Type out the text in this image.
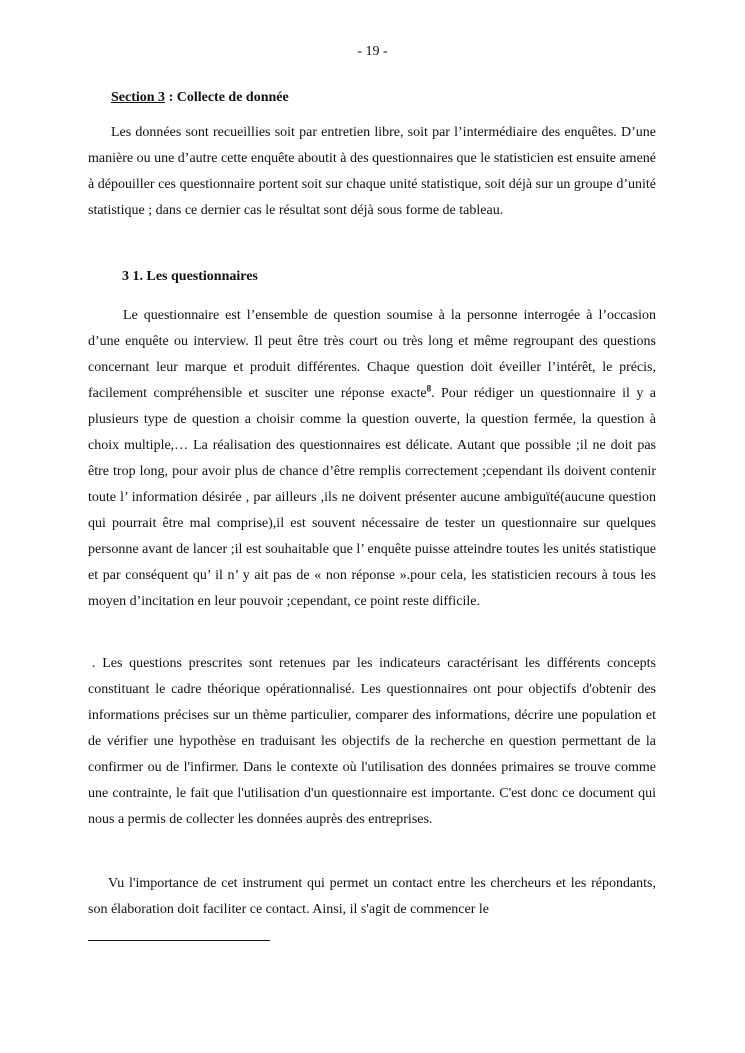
- 19 -
Section 3 : Collecte de donnée

Les données sont recueillies soit par entretien libre, soit par l’intermédiaire des enquêtes. D’une manière ou une d’autre cette enquête aboutit à des questionnaires que le statisticien est ensuite amené à dépouiller ces questionnaire portent soit sur chaque unité statistique, soit déjà sur un groupe d’unité statistique ; dans ce dernier cas le résultat sont déjà sous forme de tableau.

3 1. Les questionnaires

Le questionnaire est l’ensemble de question soumise à la personne interrogée à l’occasion d’une enquête ou interview. Il peut être très court ou très long et même regroupant des questions concernant leur marque et produit différentes. Chaque question doit éveiller l’intérêt, le précis, facilement compréhensible et susciter une réponse exacte$^8$. Pour rédiger un questionnaire il y a plusieurs type de question a choisir comme la question ouverte, la question fermée, la question à choix multiple,… La réalisation des questionnaires est délicate. Autant que possible ;il ne doit pas être trop long, pour avoir plus de chance d’être remplis correctement ;cependant ils doivent contenir toute l’ information désirée , par ailleurs ,ils ne doivent présenter aucune ambiguïté(aucune question qui pourrait être mal comprise),il est souvent nécessaire de tester un questionnaire sur quelques personne avant de lancer ;il est souhaitable que l’ enquête puisse atteindre toutes les unités statistique et par conséquent qu’ il n’ y ait pas de « non réponse ».pour cela, les statisticien recours à tous les moyen d’incitation en leur pouvoir ;cependant, ce point reste difficile.

. Les questions prescrites sont retenues par les indicateurs caractérisant les différents concepts constituant le cadre théorique opérationnalisé. Les questionnaires ont pour objectifs d'obtenir des informations précises sur un thème particulier, comparer des informations, décrire une population et de vérifier une hypothèse en traduisant les objectifs de la recherche en question permettant de la confirmer ou de l'infirmer. Dans le contexte où l'utilisation des données primaires se trouve comme une contrainte, le fait que l'utilisation d'un questionnaire est importante. C'est donc ce document qui nous a permis de collecter les données auprès des entreprises.

Vu l'importance de cet instrument qui permet un contact entre les chercheurs et les répondants, son élaboration doit faciliter ce contact. Ainsi, il s'agit de commencer le
